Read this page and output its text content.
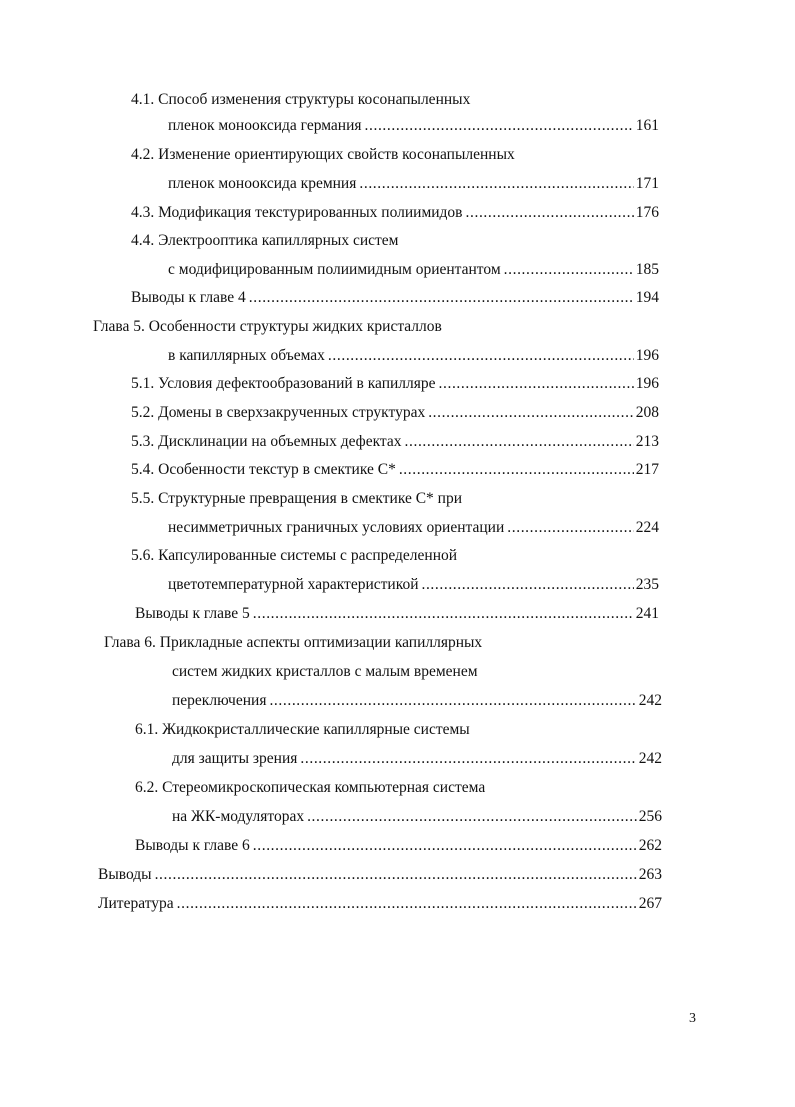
4.1. Способ изменения структуры косонапыленных
пленок монооксида германия .....	161
4.2. Изменение ориентирующих свойств косонапыленных
пленок монооксида кремния .....	171
4.3. Модификация текстурированных полиимидов .....	176
4.4. Электрооптика капиллярных систем
с модифицированным полиимидным ориентантом .....	185
Выводы к главе 4 .....	194
Глава 5. Особенности структуры жидких кристаллов
в капиллярных объемах .....	196
5.1. Условия дефектообразований в капилляре .....	196
5.2. Домены в сверхзакрученных структурах .....	208
5.3. Дисклинации на объемных дефектах .....	213
5.4. Особенности текстур в смектике С* .....	217
5.5. Структурные превращения в смектике С* при
несимметричных граничных условиях ориентации .....	224
5.6. Капсулированные системы с распределенной
цветотемпературной характеристикой .....	235
Выводы к главе 5 .....	241
Глава 6. Прикладные аспекты оптимизации капиллярных
систем жидких кристаллов с малым временем
переключения .....	242
6.1. Жидкокристаллические капиллярные системы
для защиты зрения .....	242
6.2. Стереомикроскопическая компьютерная система
на ЖК-модуляторах .....	256
Выводы к главе 6 .....	262
Выводы .....	263
Литература .....	267
3
